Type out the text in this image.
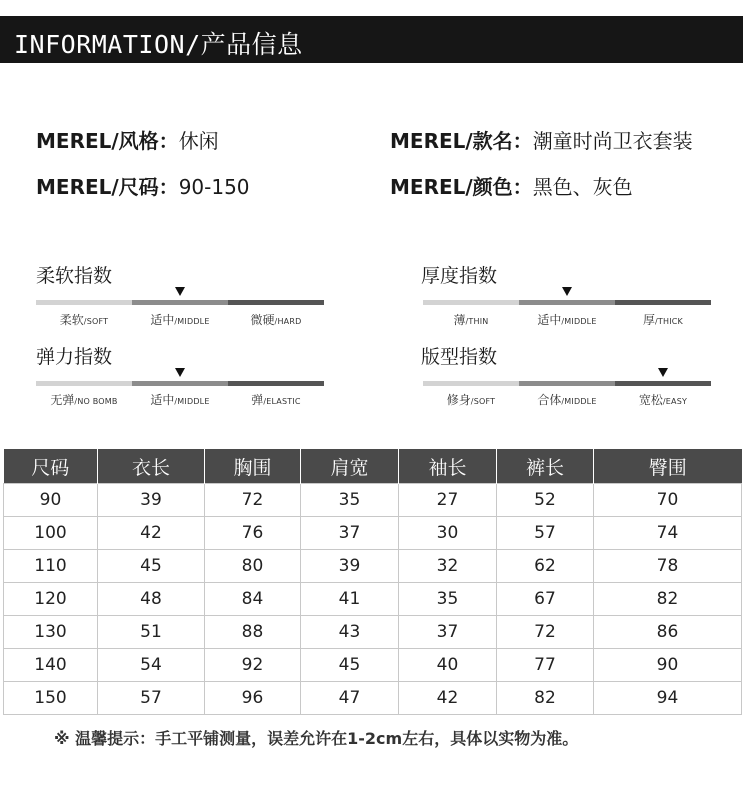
INFORMATION/产品信息
MEREL/风格：休闲	MEREL/款名：潮童时尚卫衣套装
MEREL/尺码：90-150	MEREL/颜色：黑色、灰色
柔软指数
柔软/SOFT	适中/MIDDLE	微硬/HARD
厚度指数
薄/THIN	适中/MIDDLE	厚/THICK
弹力指数
无弹/NO BOMB	适中/MIDDLE	弹/ELASTIC
版型指数
修身/SOFT	合体/MIDDLE	宽松/EASY
尺码	衣长	胸围	肩宽	袖长	裤长	臀围
90	39	72	35	27	52	70
100	42	76	37	30	57	74
110	45	80	39	32	62	78
120	48	84	41	35	67	82
130	51	88	43	37	72	86
140	54	92	45	40	77	90
150	57	96	47	42	82	94
※ 温馨提示：手工平铺测量，误差允许在1-2cm左右，具体以实物为准。
